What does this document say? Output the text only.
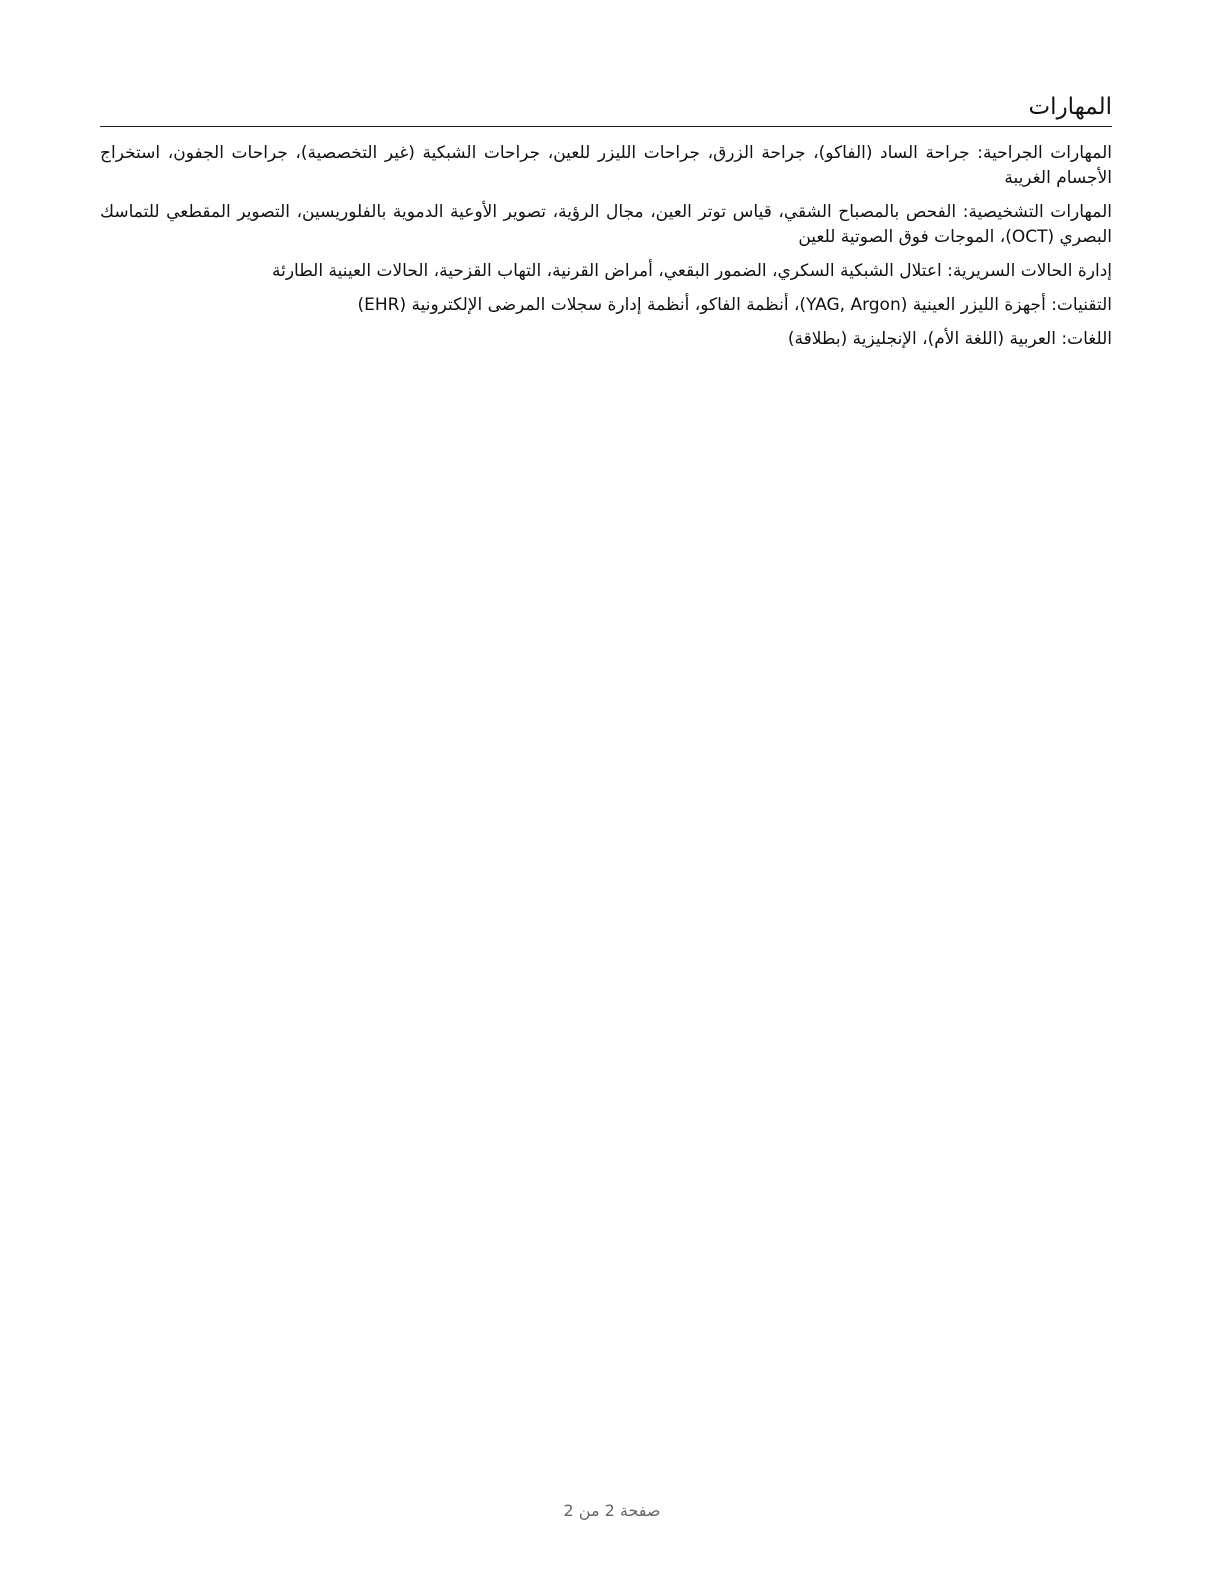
المهارات
المهارات الجراحية: جراحة الساد (الفاكو)، جراحة الزرق، جراحات الليزر للعين، جراحات الشبكية (غير التخصصية)، جراحات الجفون، استخراج الأجسام الغريبة
المهارات التشخيصية: الفحص بالمصباح الشقي، قياس توتر العين، مجال الرؤية، تصوير الأوعية الدموية بالفلوريسين، التصوير المقطعي للتماسك البصري (OCT)، الموجات فوق الصوتية للعين
إدارة الحالات السريرية: اعتلال الشبكية السكري، الضمور البقعي، أمراض القرنية، التهاب القزحية، الحالات العينية الطارئة
التقنيات: أجهزة الليزر العينية (YAG, Argon)، أنظمة الفاكو، أنظمة إدارة سجلات المرضى الإلكترونية (EHR)
اللغات: العربية (اللغة الأم)، الإنجليزية (بطلاقة)
صفحة 2 من 2
